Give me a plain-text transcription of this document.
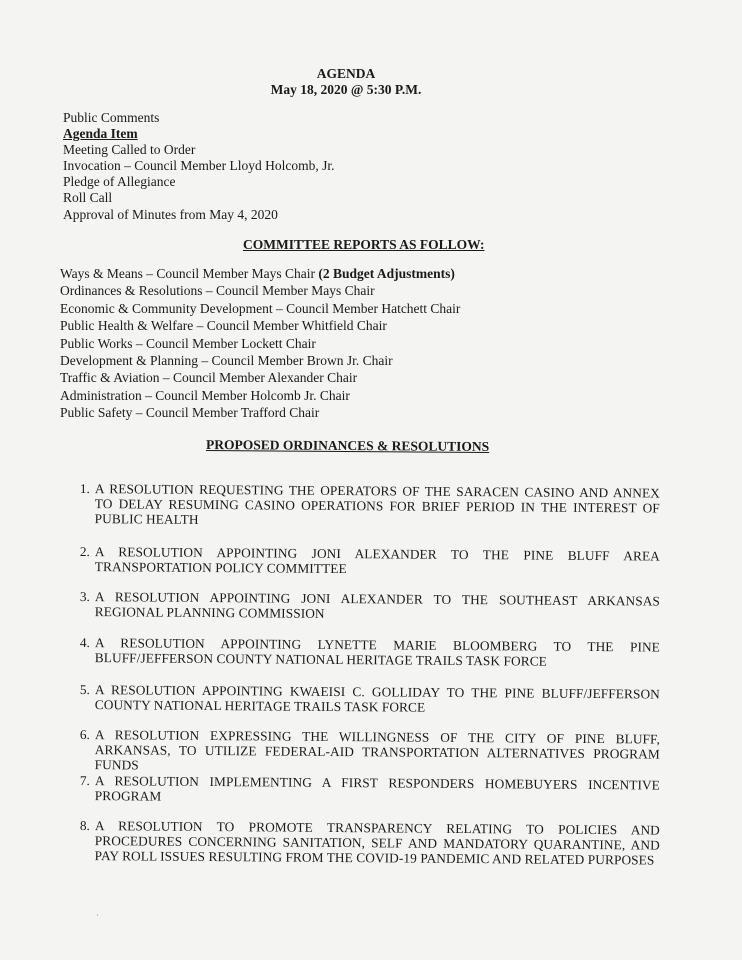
AGENDA
May 18, 2020 @ 5:30 P.M.
Public Comments
Agenda Item
Meeting Called to Order
Invocation – Council Member Lloyd Holcomb, Jr.
Pledge of Allegiance
Roll Call
Approval of Minutes from May 4, 2020
COMMITTEE REPORTS AS FOLLOW:
Ways & Means – Council Member Mays Chair (2 Budget Adjustments)
Ordinances & Resolutions – Council Member Mays Chair
Economic & Community Development – Council Member Hatchett Chair
Public Health & Welfare – Council Member Whitfield Chair
Public Works – Council Member Lockett Chair
Development & Planning – Council Member Brown Jr. Chair
Traffic & Aviation – Council Member Alexander Chair
Administration – Council Member Holcomb Jr. Chair
Public Safety – Council Member Trafford Chair
PROPOSED ORDINANCES & RESOLUTIONS
1. A RESOLUTION REQUESTING THE OPERATORS OF THE SARACEN CASINO AND ANNEX TO DELAY RESUMING CASINO OPERATIONS FOR BRIEF PERIOD IN THE INTEREST OF PUBLIC HEALTH
2. A RESOLUTION APPOINTING JONI ALEXANDER TO THE PINE BLUFF AREA TRANSPORTATION POLICY COMMITTEE
3. A RESOLUTION APPOINTING JONI ALEXANDER TO THE SOUTHEAST ARKANSAS REGIONAL PLANNING COMMISSION
4. A RESOLUTION APPOINTING LYNETTE MARIE BLOOMBERG TO THE PINE BLUFF/JEFFERSON COUNTY NATIONAL HERITAGE TRAILS TASK FORCE
5. A RESOLUTION APPOINTING KWAEISI C. GOLLIDAY TO THE PINE BLUFF/JEFFERSON COUNTY NATIONAL HERITAGE TRAILS TASK FORCE
6. A RESOLUTION EXPRESSING THE WILLINGNESS OF THE CITY OF PINE BLUFF, ARKANSAS, TO UTILIZE FEDERAL-AID TRANSPORTATION ALTERNATIVES PROGRAM FUNDS
7. A RESOLUTION IMPLEMENTING A FIRST RESPONDERS HOMEBUYERS INCENTIVE PROGRAM
8. A RESOLUTION TO PROMOTE TRANSPARENCY RELATING TO POLICIES AND PROCEDURES CONCERNING SANITATION, SELF AND MANDATORY QUARANTINE, AND PAY ROLL ISSUES RESULTING FROM THE COVID-19 PANDEMIC AND RELATED PURPOSES
·
